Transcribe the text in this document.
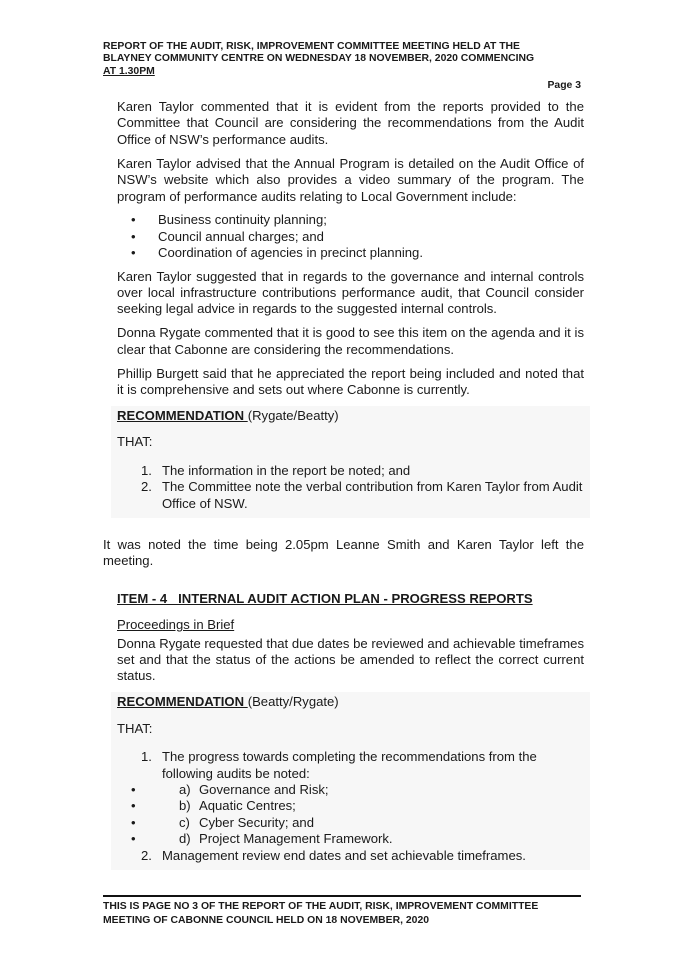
REPORT OF THE AUDIT, RISK, IMPROVEMENT COMMITTEE MEETING HELD AT THE
BLAYNEY COMMUNITY CENTRE ON WEDNESDAY 18 NOVEMBER, 2020 COMMENCING
AT 1.30PM
Page 3

Karen Taylor commented that it is evident from the reports provided to the Committee that Council are considering the recommendations from the Audit Office of NSW’s performance audits.

Karen Taylor advised that the Annual Program is detailed on the Audit Office of NSW’s website which also provides a video summary of the program. The program of performance audits relating to Local Government include:

• Business continuity planning;
• Council annual charges; and
• Coordination of agencies in precinct planning.

Karen Taylor suggested that in regards to the governance and internal controls over local infrastructure contributions performance audit, that Council consider seeking legal advice in regards to the suggested internal controls.

Donna Rygate commented that it is good to see this item on the agenda and it is clear that Cabonne are considering the recommendations.

Phillip Burgett said that he appreciated the report being included and noted that it is comprehensive and sets out where Cabonne is currently.

RECOMMENDATION (Rygate/Beatty)
THAT:
1. The information in the report be noted; and
2. The Committee note the verbal contribution from Karen Taylor from Audit Office of NSW.

It was noted the time being 2.05pm Leanne Smith and Karen Taylor left the meeting.

ITEM - 4   INTERNAL AUDIT ACTION PLAN - PROGRESS REPORTS
Proceedings in Brief

Donna Rygate requested that due dates be reviewed and achievable timeframes set and that the status of the actions be amended to reflect the correct current status.

RECOMMENDATION (Beatty/Rygate)
THAT:
1. The progress towards completing the recommendations from the following audits be noted:
• a) Governance and Risk;
• b) Aquatic Centres;
• c) Cyber Security; and
• d) Project Management Framework.
2. Management review end dates and set achievable timeframes.
THIS IS PAGE NO 3 OF THE REPORT OF THE AUDIT, RISK, IMPROVEMENT COMMITTEE
MEETING OF CABONNE COUNCIL HELD ON 18 NOVEMBER, 2020
